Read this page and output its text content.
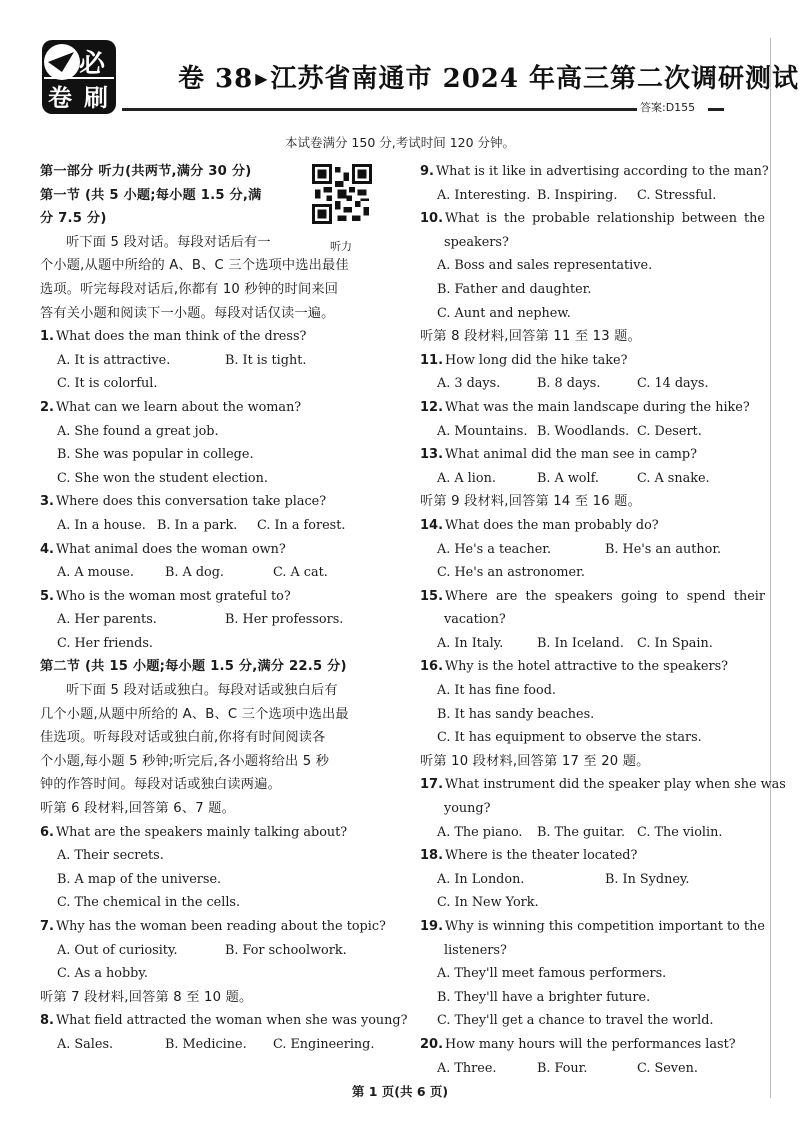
必
卷 刷
卷 38 ▶江苏省南通市 2024 年高三第二次调研测试
答案:D155
本试卷满分 150 分,考试时间 120 分钟。
听力
第一部分 听力(共两节,满分 30 分)
第一节 (共 5 小题;每小题 1.5 分,满
分 7.5 分)
听下面 5 段对话。每段对话后有一
个小题,从题中所给的 A、B、C 三个选项中选出最佳
选项。听完每段对话后,你都有 10 秒钟的时间来回
答有关小题和阅读下一小题。每段对话仅读一遍。
1. What does the man think of the dress?
A. It is attractive.	B. It is tight.
C. It is colorful.
2. What can we learn about the woman?
A. She found a great job.
B. She was popular in college.
C. She won the student election.
3. Where does this conversation take place?
A. In a house. B. In a park. C. In a forest.
4. What animal does the woman own?
A. A mouse. B. A dog.	C. A cat.
5. Who is the woman most grateful to?
A. Her parents.	B. Her professors.
C. Her friends.
第二节 (共 15 小题;每小题 1.5 分,满分 22.5 分)
听下面 5 段对话或独白。每段对话或独白后有
几个小题,从题中所给的 A、B、C 三个选项中选出最
佳选项。听每段对话或独白前,你将有时间阅读各
个小题,每小题 5 秒钟;听完后,各小题将给出 5 秒
钟的作答时间。每段对话或独白读两遍。
听第 6 段材料,回答第 6、7 题。
6. What are the speakers mainly talking about?
A. Their secrets.
B. A map of the universe.
C. The chemical in the cells.
7. Why has the woman been reading about the topic?
A. Out of curiosity.	B. For schoolwork.
C. As a hobby.
听第 7 段材料,回答第 8 至 10 题。
8. What field attracted the woman when she was young?
A. Sales.	B. Medicine. C. Engineering.
9. What is it like in advertising according to the man?
A. Interesting. B. Inspiring. C. Stressful.
10. What is the probable relationship between the
speakers?
A. Boss and sales representative.
B. Father and daughter.
C. Aunt and nephew.
听第 8 段材料,回答第 11 至 13 题。
11. How long did the hike take?
A. 3 days.	B. 8 days.	C. 14 days.
12. What was the main landscape during the hike?
A. Mountains. B. Woodlands. C. Desert.
13. What animal did the man see in camp?
A. A lion.	B. A wolf.	C. A snake.
听第 9 段材料,回答第 14 至 16 题。
14. What does the man probably do?
A. He's a teacher.	B. He's an author.
C. He's an astronomer.
15. Where are the speakers going to spend their
vacation?
A. In Italy.	B. In Iceland. C. In Spain.
16. Why is the hotel attractive to the speakers?
A. It has fine food.
B. It has sandy beaches.
C. It has equipment to observe the stars.
听第 10 段材料,回答第 17 至 20 题。
17. What instrument did the speaker play when she was
young?
A. The piano. B. The guitar. C. The violin.
18. Where is the theater located?
A. In London.	B. In Sydney.
C. In New York.
19. Why is winning this competition important to the
listeners?
A. They'll meet famous performers.
B. They'll have a brighter future.
C. They'll get a chance to travel the world.
20. How many hours will the performances last?
A. Three.	B. Four.	C. Seven.
第 1 页(共 6 页)
